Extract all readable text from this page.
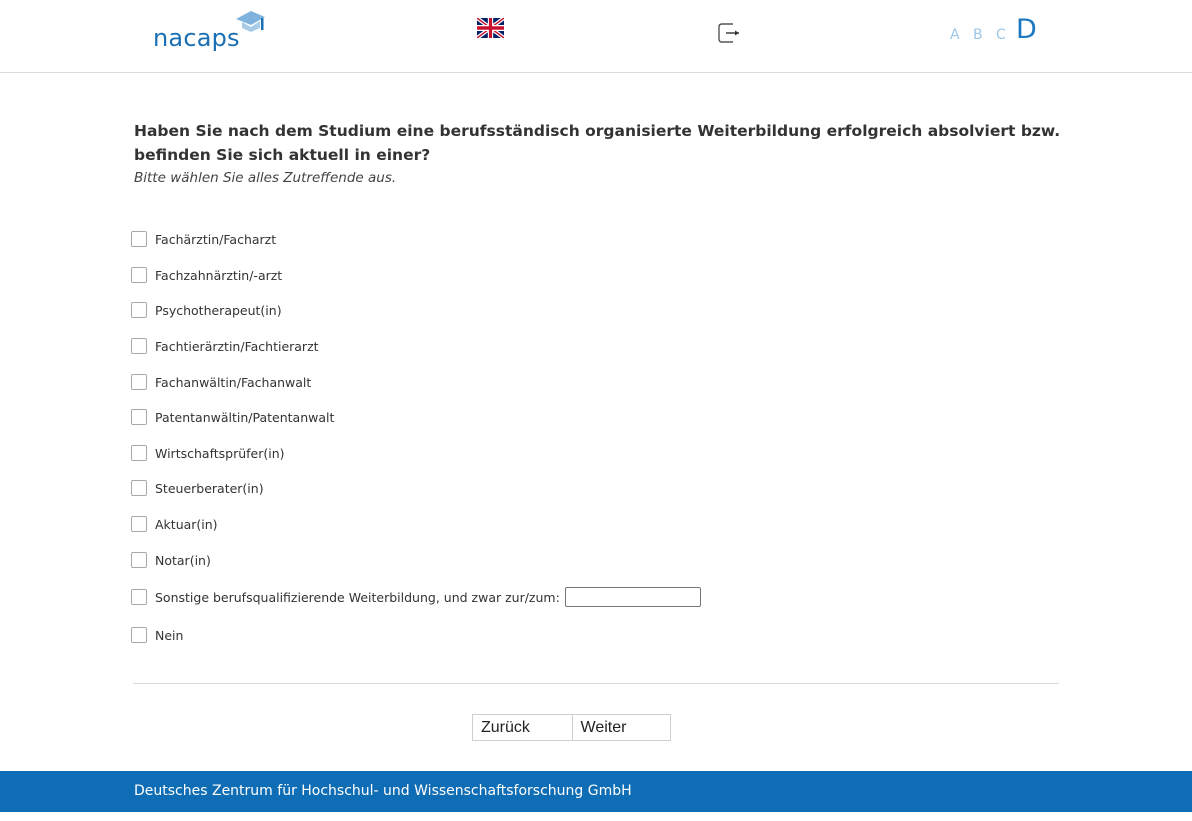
nacaps	A B C D
Haben Sie nach dem Studium eine berufsständisch organisierte Weiterbildung erfolgreich absolviert bzw. befinden Sie sich aktuell in einer?
Bitte wählen Sie alles Zutreffende aus.
Fachärztin/Facharzt
Fachzahnärztin/-arzt
Psychotherapeut(in)
Fachtierärztin/Fachtierarzt
Fachanwältin/Fachanwalt
Patentanwältin/Patentanwalt
Wirtschaftsprüfer(in)
Steuerberater(in)
Aktuar(in)
Notar(in)
Sonstige berufsqualifizierende Weiterbildung, und zwar zur/zum:
Nein
Zurück	Weiter
Deutsches Zentrum für Hochschul- und Wissenschaftsforschung GmbH
